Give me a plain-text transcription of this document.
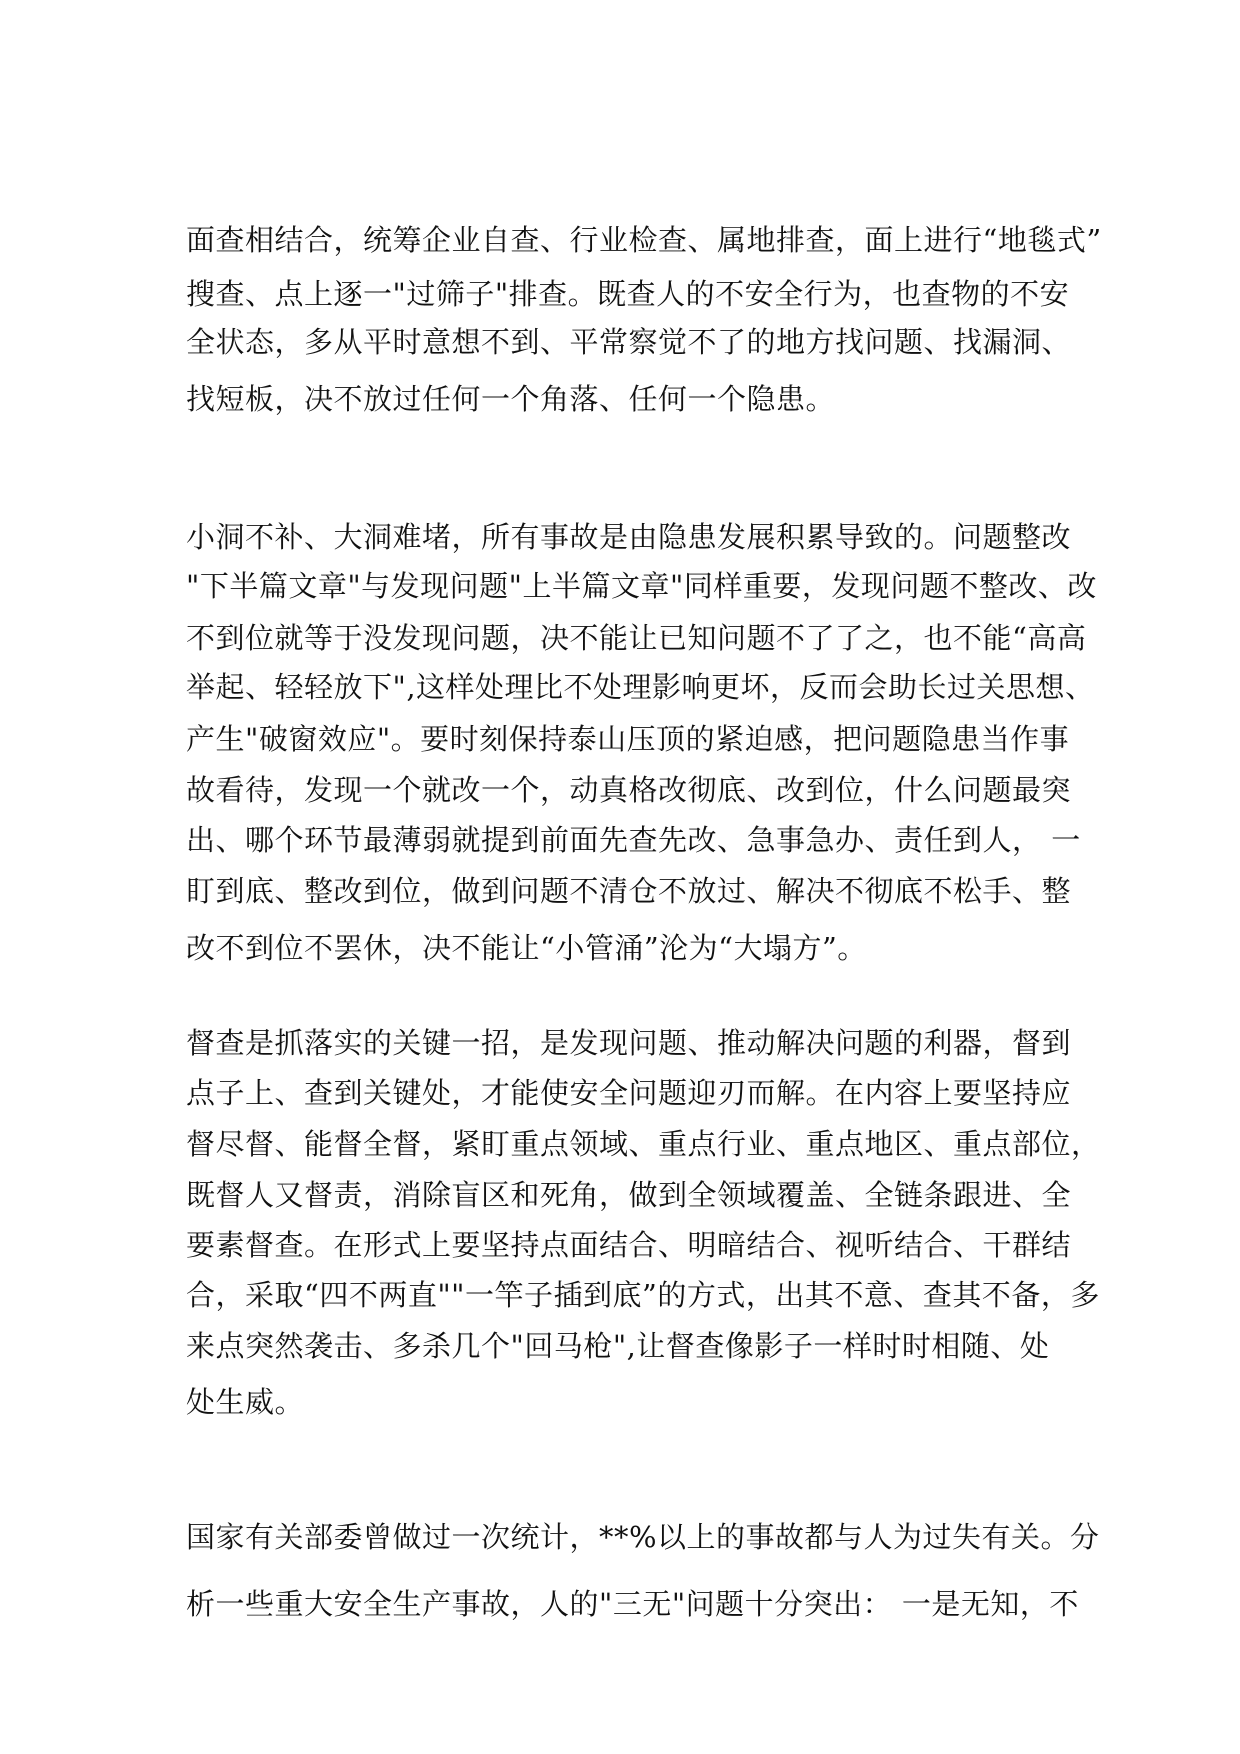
面查相结合，统筹企业自查、行业检查、属地排查，面上进行“地毯式”
搜查、点上逐一"过筛子"排查。既查人的不安全行为，也查物的不安
全状态，多从平时意想不到、平常察觉不了的地方找问题、找漏洞、
找短板，决不放过任何一个角落、任何一个隐患。
小洞不补、大洞难堵，所有事故是由隐患发展积累导致的。问题整改
"下半篇文章"与发现问题"上半篇文章"同样重要，发现问题不整改、改
不到位就等于没发现问题，决不能让已知问题不了了之，也不能“高高
举起、轻轻放下",这样处理比不处理影响更坏，反而会助长过关思想、
产生"破窗效应"。要时刻保持泰山压顶的紧迫感，把问题隐患当作事
故看待，发现一个就改一个，动真格改彻底、改到位，什么问题最突
出、哪个环节最薄弱就提到前面先查先改、急事急办、责任到人， 一
盯到底、整改到位，做到问题不清仓不放过、解决不彻底不松手、整
改不到位不罢休，决不能让“小管涌”沦为“大塌方”。
督查是抓落实的关键一招，是发现问题、推动解决问题的利器，督到
点子上、查到关键处，才能使安全问题迎刃而解。在内容上要坚持应
督尽督、能督全督，紧盯重点领域、重点行业、重点地区、重点部位，
既督人又督责，消除盲区和死角，做到全领域覆盖、全链条跟进、全
要素督查。在形式上要坚持点面结合、明暗结合、视听结合、干群结
合，采取“四不两直""一竿子插到底”的方式，出其不意、查其不备，多
来点突然袭击、多杀几个"回马枪",让督查像影子一样时时相随、处
处生威。
国家有关部委曾做过一次统计，**%以上的事故都与人为过失有关。分
析一些重大安全生产事故，人的"三无"问题十分突出： 一是无知，不
